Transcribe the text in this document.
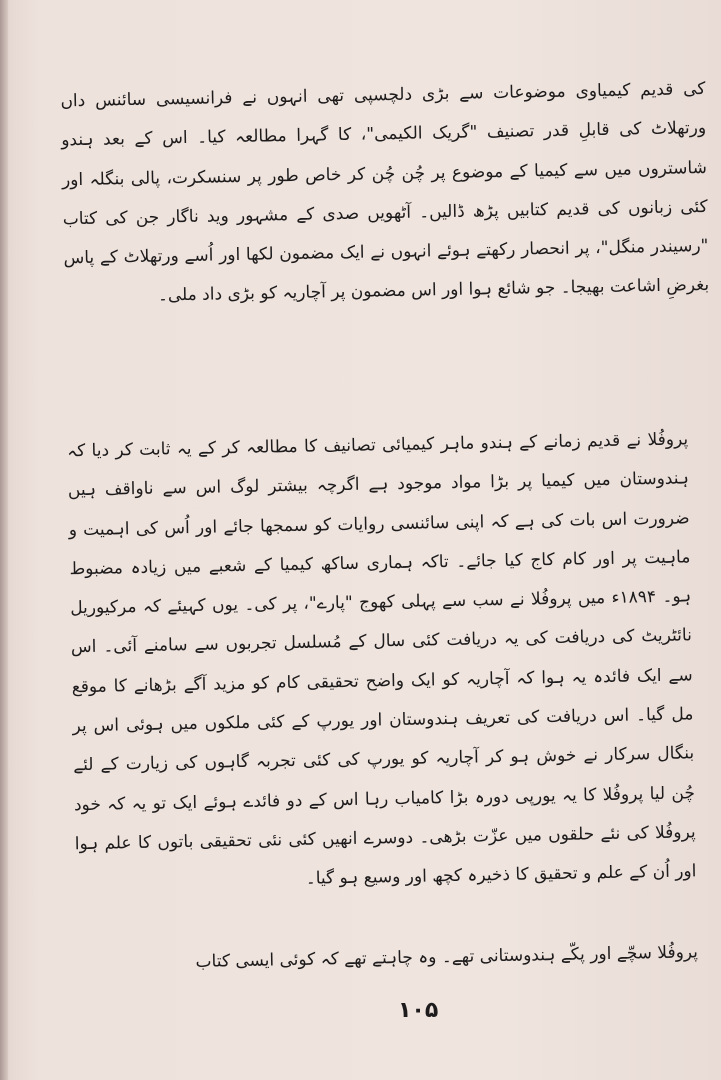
کی قدیم کیمیاوی موضوعات سے بڑی دلچسپی تھی انہوں نے فرانسیسی سائنس داں ورتھلاٹ کی قابلِ قدر تصنیف "گریک الکیمی"، کا گہرا مطالعہ کیا۔ اس کے بعد ہندو شاستروں میں سے کیمیا کے موضوع پر چُن چُن کر خاص طور پر سنسکرت، پالی بنگلہ اور کئی زبانوں کی قدیم کتابیں پڑھ ڈالیں۔ آٹھویں صدی کے مشہور وید ناگار جن کی کتاب "رسیندر منگل"، پر انحصار رکھتے ہوئے انہوں نے ایک مضمون لکھا اور اُسے ورتھلاٹ کے پاس بغرضِ اشاعت بھیجا۔ جو شائع ہوا اور اس مضمون پر آچاریہ کو بڑی داد ملی۔

پروفُلا نے قدیم زمانے کے ہندو ماہر کیمیائی تصانیف کا مطالعہ کر کے یہ ثابت کر دیا کہ ہندوستان میں کیمیا پر بڑا مواد موجود ہے اگرچہ بیشتر لوگ اس سے ناواقف ہیں ضرورت اس بات کی ہے کہ اپنی سائنسی روایات کو سمجھا جائے اور اُس کی اہمیت و ماہیت پر اور کام کاج کیا جائے۔ تاکہ ہماری ساکھ کیمیا کے شعبے میں زیادہ مضبوط ہو۔ ۱۸۹۴ء میں پروفُلا نے سب سے پہلی کھوج "پارے"، پر کی۔ یوں کہیئے کہ مرکیوریل نائٹریٹ کی دریافت کی یہ دریافت کئی سال کے مُسلسل تجربوں سے سامنے آئی۔ اس سے ایک فائدہ یہ ہوا کہ آچاریہ کو ایک واضح تحقیقی کام کو مزید آگے بڑھانے کا موقع مل گیا۔ اس دریافت کی تعریف ہندوستان اور یورپ کے کئی ملکوں میں ہوئی اس پر بنگال سرکار نے خوش ہو کر آچاریہ کو یورپ کی کئی تجربہ گاہوں کی زیارت کے لئے چُن لیا پروفُلا کا یہ یورپی دورہ بڑا کامیاب رہا اس کے دو فائدے ہوئے ایک تو یہ کہ خود پروفُلا کی نئے حلقوں میں عزّت بڑھی۔ دوسرے انھیں کئی نئی تحقیقی باتوں کا علم ہوا اور اُن کے علم و تحقیق کا ذخیرہ کچھ اور وسیع ہو گیا۔

پروفُلا سچّے اور پکّے ہندوستانی تھے۔ وہ چاہتے تھے کہ کوئی ایسی کتاب

۱۰۵
